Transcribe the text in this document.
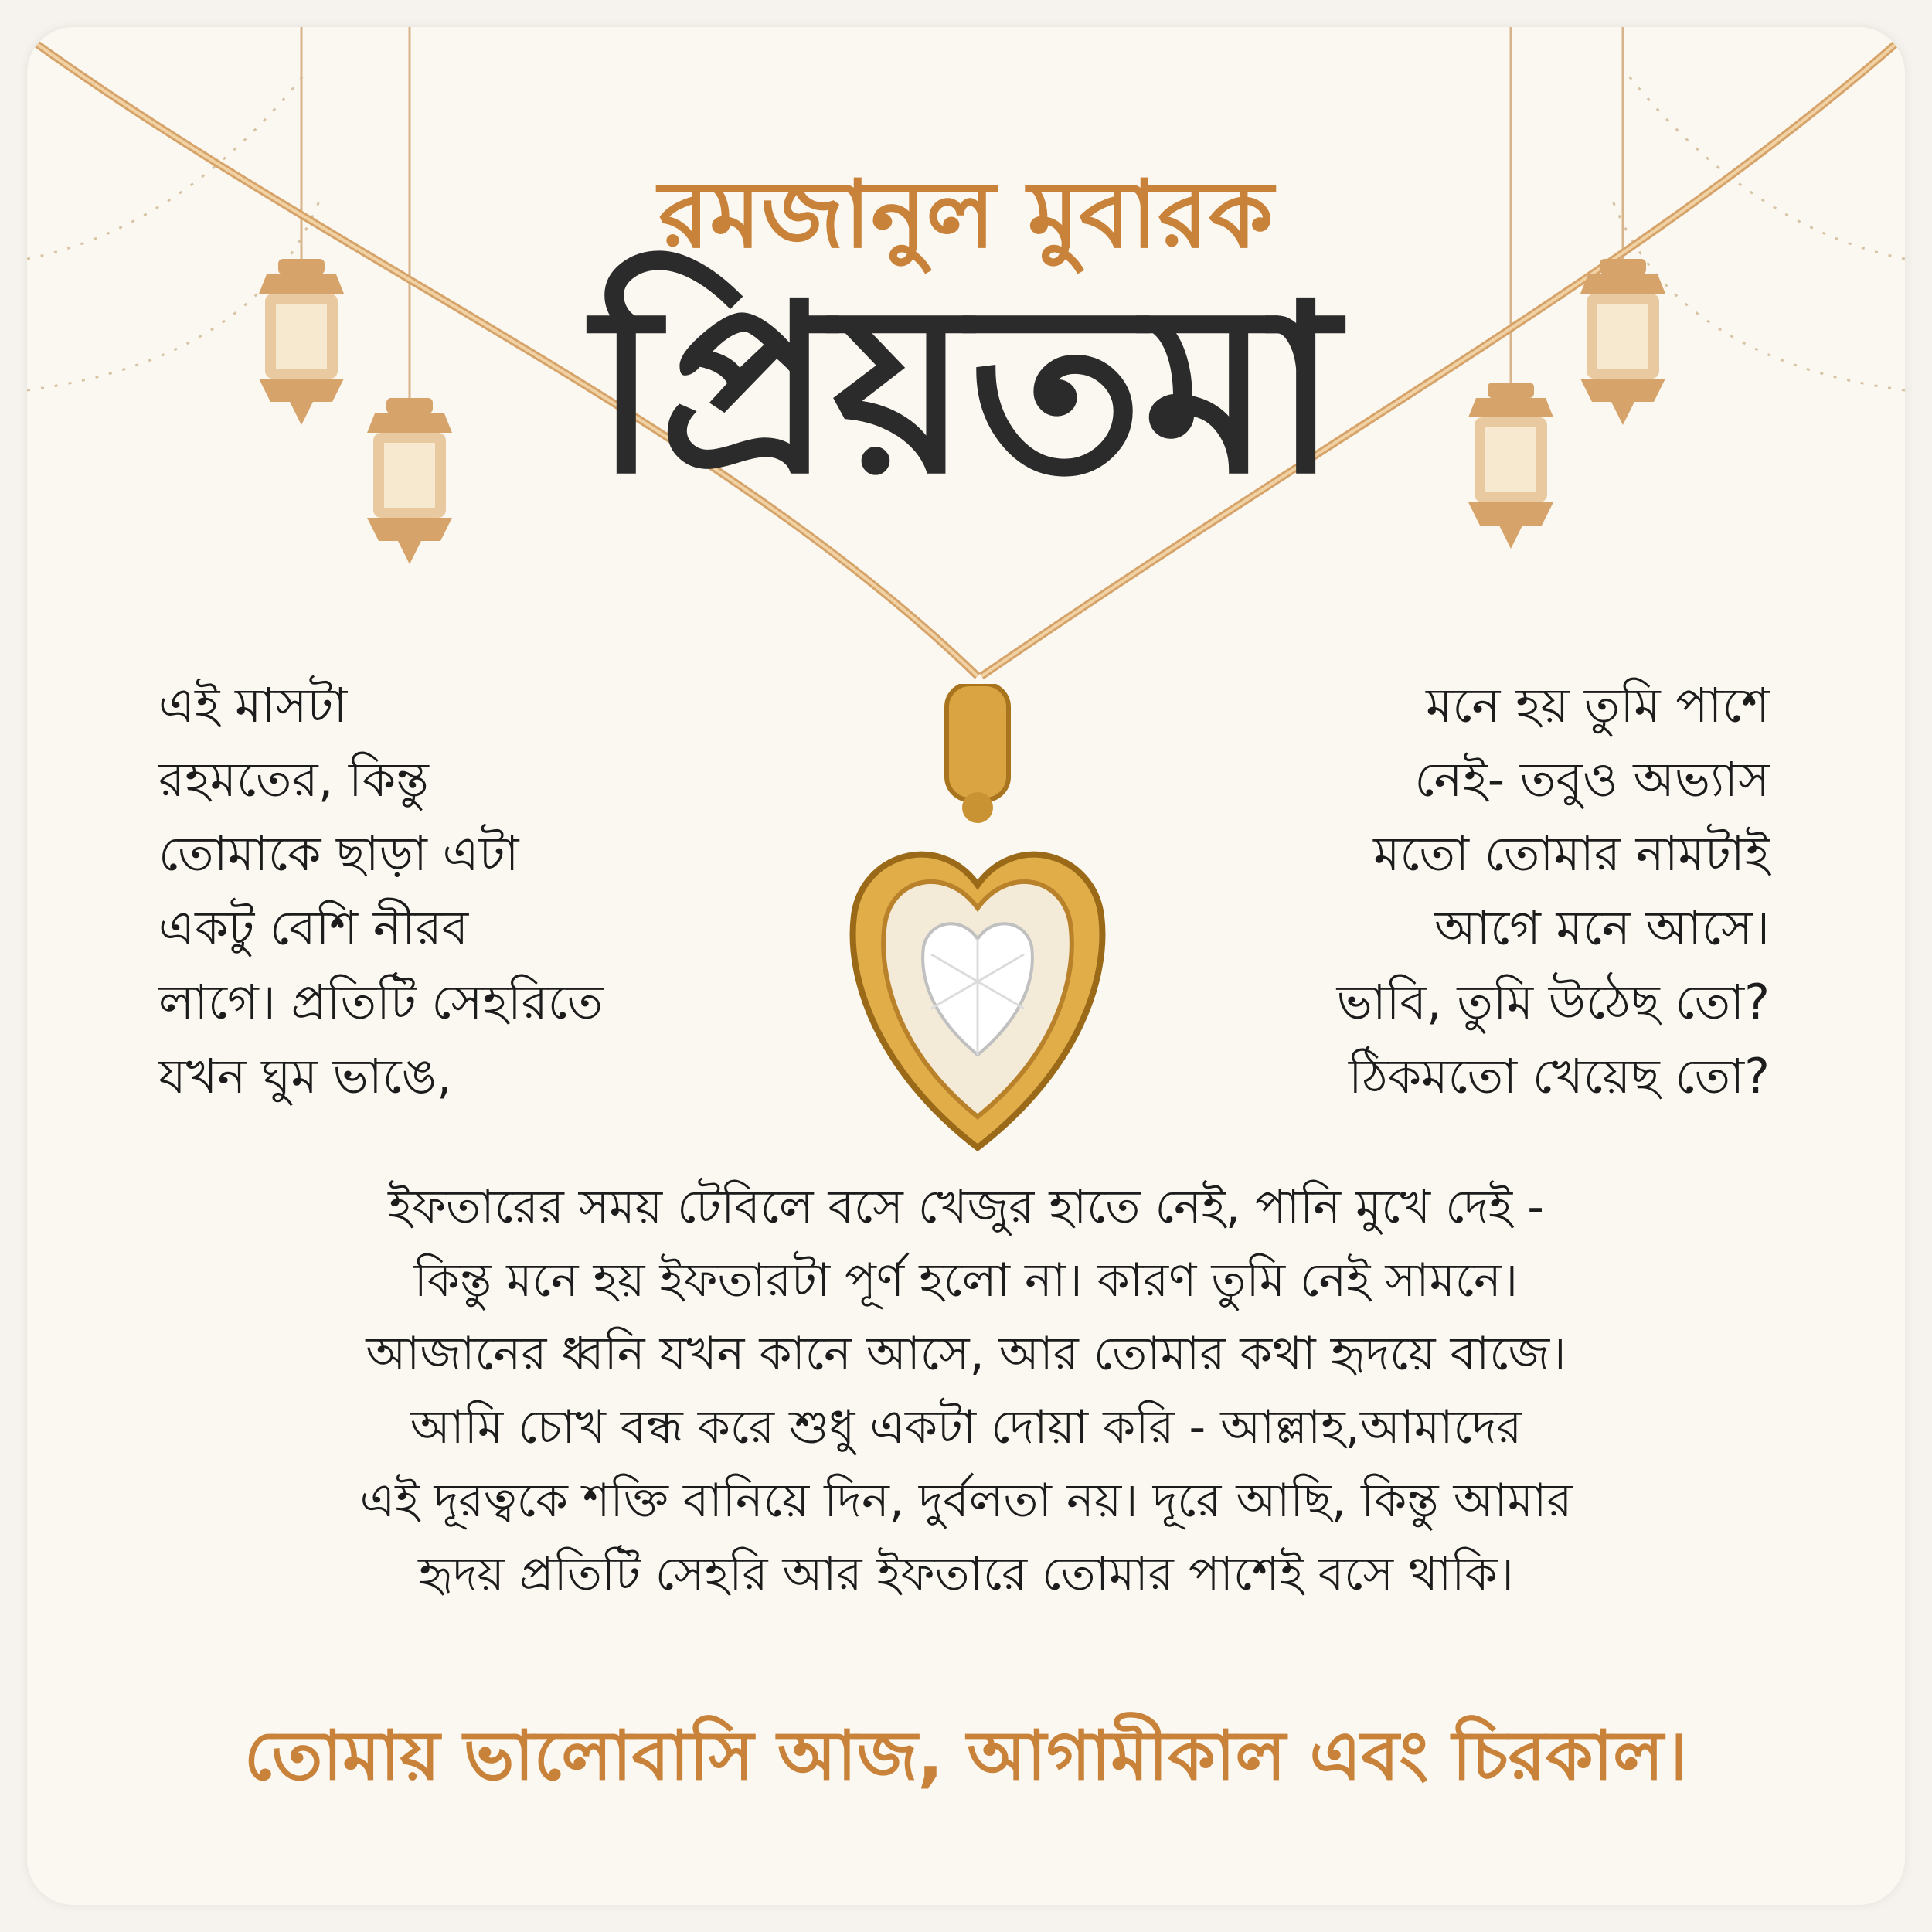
রমজানুল মুবারক
প্রিয়তমা
এই মাসটা
রহমতের, কিন্তু
তোমাকে ছাড়া এটা
একটু বেশি নীরব
লাগে। প্রতিটি সেহরিতে
যখন ঘুম ভাঙে,
মনে হয় তুমি পাশে
নেই- তবুও অভ্যাস
মতো তোমার নামটাই
আগে মনে আসে।
ভাবি, তুমি উঠেছ তো?
ঠিকমতো খেয়েছ তো?
ইফতারের সময় টেবিলে বসে খেজুর হাতে নেই, পানি মুখে দেই -
কিন্তু মনে হয় ইফতারটা পূর্ণ হলো না। কারণ তুমি নেই সামনে।
আজানের ধ্বনি যখন কানে আসে, আর তোমার কথা হৃদয়ে বাজে।
আমি চোখ বন্ধ করে শুধু একটা দোয়া করি - আল্লাহ,আমাদের
এই দূরত্বকে শক্তি বানিয়ে দিন, দুর্বলতা নয়। দূরে আছি, কিন্তু আমার
হৃদয় প্রতিটি সেহরি আর ইফতারে তোমার পাশেই বসে থাকি।
তোমায় ভালোবাসি আজ, আগামীকাল এবং চিরকাল।
